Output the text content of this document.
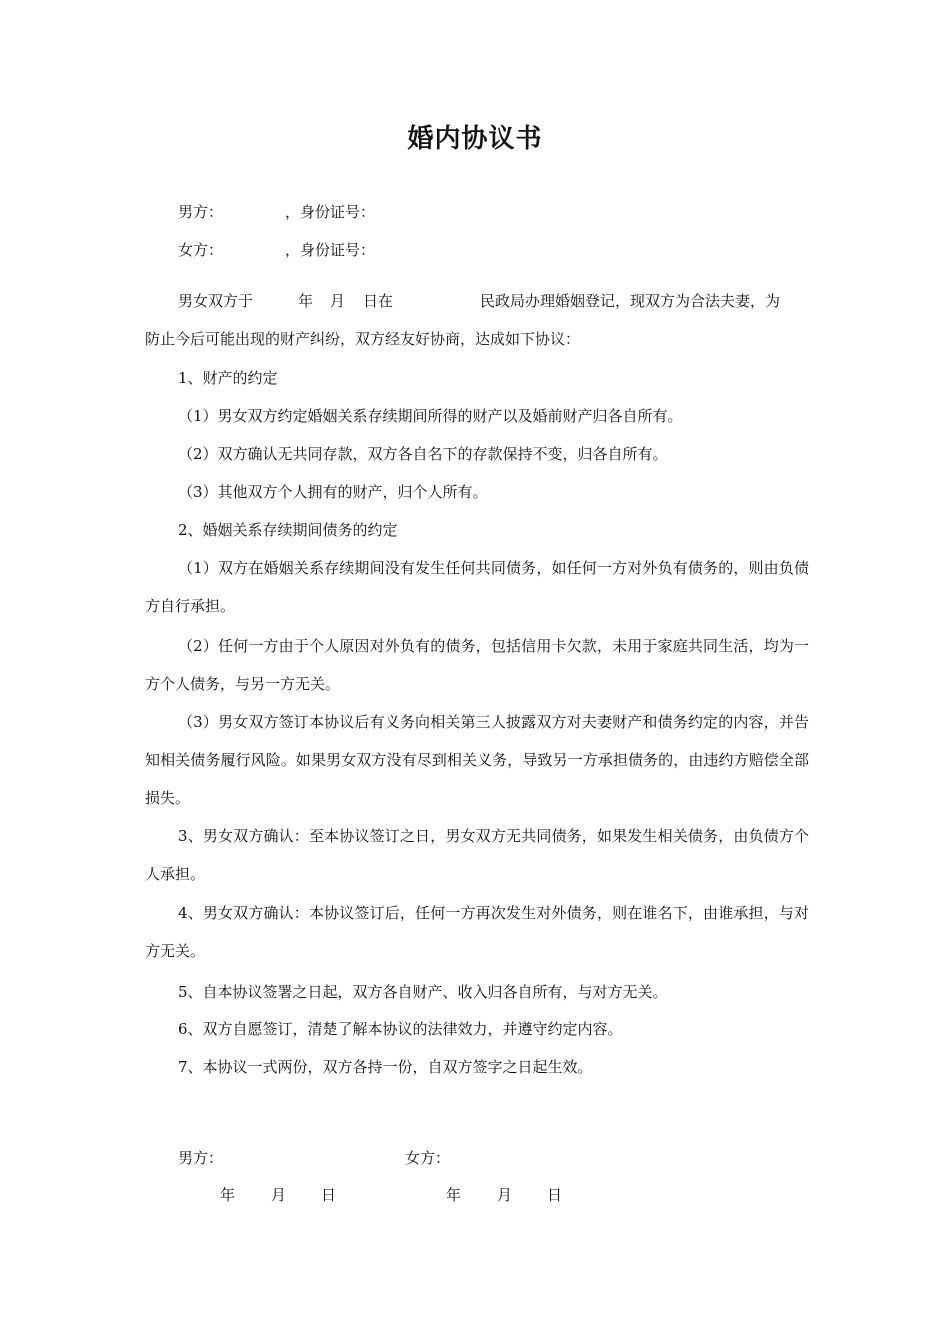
婚内协议书
男方：	，身份证号：
女方：	，身份证号：
男女双方于	年 月 日在	民政局办理婚姻登记，现双方为合法夫妻，为
防止今后可能出现的财产纠纷，双方经友好协商，达成如下协议：
1、财产的约定
（1）男女双方约定婚姻关系存续期间所得的财产以及婚前财产归各自所有。
（2）双方确认无共同存款，双方各自名下的存款保持不变，归各自所有。
（3）其他双方个人拥有的财产，归个人所有。
2、婚姻关系存续期间债务的约定
（1）双方在婚姻关系存续期间没有发生任何共同债务，如任何一方对外负有债务的，则由负债方自行承担。
（2）任何一方由于个人原因对外负有的债务，包括信用卡欠款，未用于家庭共同生活，均为一方个人债务，与另一方无关。
（3）男女双方签订本协议后有义务向相关第三人披露双方对夫妻财产和债务约定的内容，并告知相关债务履行风险。如果男女双方没有尽到相关义务，导致另一方承担债务的，由违约方赔偿全部损失。
3、男女双方确认：至本协议签订之日，男女双方无共同债务，如果发生相关债务，由负债方个人承担。
4、男女双方确认：本协议签订后，任何一方再次发生对外债务，则在谁名下，由谁承担，与对方无关。
5、自本协议签署之日起，双方各自财产、收入归各自所有，与对方无关。
6、双方自愿签订，清楚了解本协议的法律效力，并遵守约定内容。
7、本协议一式两份，双方各持一份，自双方签字之日起生效。
男方：	女方：
年 月 日	年 月 日
